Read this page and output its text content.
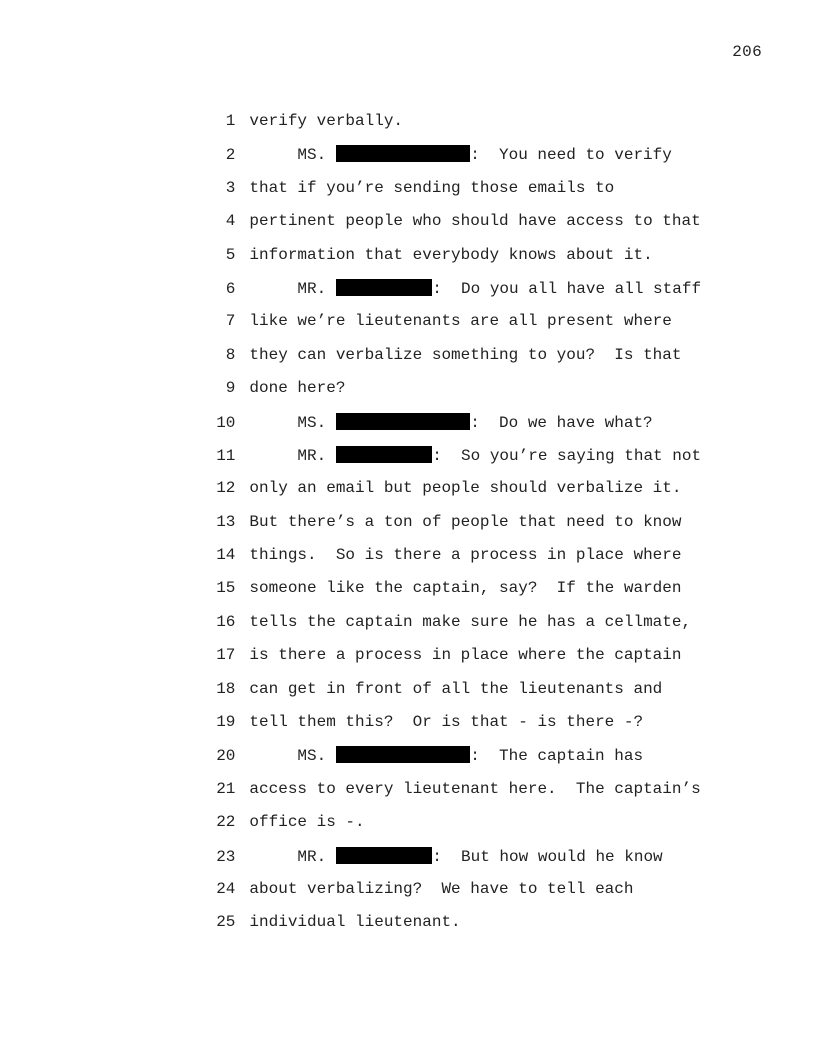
206

1 verify verbally.

2	MS.	:  You need to verify

3 that if you’re sending those emails to

4 pertinent people who should have access to that

5 information that everybody knows about it.

6	MR.	:  Do you all have all staff

7 like we’re lieutenants are all present where

8 they can verbalize something to you?  Is that

9 done here?

10	MS.	:  Do we have what?

11	MR.	:  So you’re saying that not

12 only an email but people should verbalize it.

13 But there’s a ton of people that need to know

14 things.  So is there a process in place where

15 someone like the captain, say?  If the warden

16 tells the captain make sure he has a cellmate,

17 is there a process in place where the captain

18 can get in front of all the lieutenants and

19 tell them this?  Or is that - is there -?

20	MS.	:  The captain has

21 access to every lieutenant here.  The captain’s

22 office is -.

23	MR.	:  But how would he know

24 about verbalizing?  We have to tell each

25 individual lieutenant.
